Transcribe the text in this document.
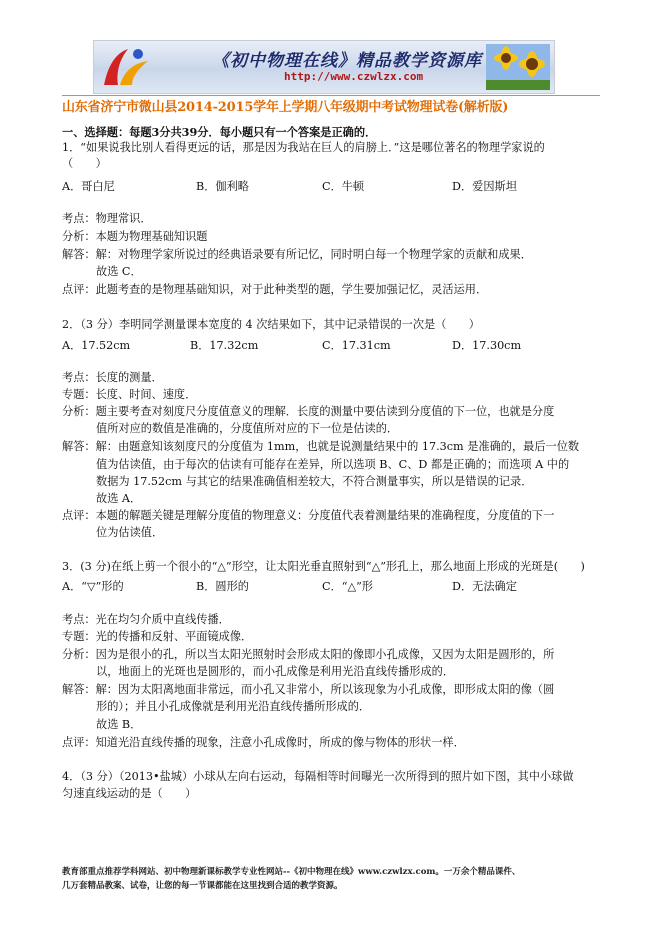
《初中物理在线》精品教学资源库
http://www.czwlzx.com
山东省济宁市微山县2014-2015学年上学期八年级期中考试物理试卷(解析版)
一、选择题：每题3分共39分．每小题只有一个答案是正确的．
1．“如果说我比别人看得更远的话，那是因为我站在巨人的肩膀上．”这是哪位著名的物理学家说的
（　　）
A．哥白尼	B．伽利略	C．牛顿	D．爱因斯坦
考点：物理常识．
分析：本题为物理基础知识题
解答：解：对物理学家所说过的经典语录要有所记忆，同时明白每一个物理学家的贡献和成果．
故选 C．
点评：此题考查的是物理基础知识，对于此种类型的题，学生要加强记忆，灵活运用．
2．（3 分）李明同学测量课本宽度的 4 次结果如下，其中记录错误的一次是（　　）
A．17.52cm	B．17.32cm	C．17.31cm	D．17.30cm
考点：长度的测量．
专题：长度、时间、速度．
分析：题主要考查对刻度尺分度值意义的理解．长度的测量中要估读到分度值的下一位，也就是分度
值所对应的数值是准确的，分度值所对应的下一位是估读的．
解答：解：由题意知该刻度尺的分度值为 1mm，也就是说测量结果中的 17.3cm 是准确的，最后一位数
值为估读值，由于每次的估读有可能存在差异，所以选项 B、C、D 都是正确的；而选项 A 中的
数据为 17.52cm 与其它的结果准确值相差较大，不符合测量事实，所以是错误的记录．
故选 A．
点评：本题的解题关键是理解分度值的物理意义：分度值代表着测量结果的准确程度，分度值的下一
位为估读值．
3．(3 分)在纸上剪一个很小的“△”形空，让太阳光垂直照射到“△”形孔上，那么地面上形成的光斑是(　　)
A．“▽”形的	B．圆形的	C．“△”形	D．无法确定
考点：光在均匀介质中直线传播．
专题：光的传播和反射、平面镜成像．
分析：因为是很小的孔，所以当太阳光照射时会形成太阳的像即小孔成像，又因为太阳是圆形的，所
以，地面上的光斑也是圆形的，而小孔成像是利用光沿直线传播形成的．
解答：解：因为太阳离地面非常远，而小孔又非常小，所以该现象为小孔成像，即形成太阳的像（圆
形的）；并且小孔成像就是利用光沿直线传播所形成的．
故选 B．
点评：知道光沿直线传播的现象，注意小孔成像时，所成的像与物体的形状一样．
4．（3 分）（2013•盐城）小球从左向右运动，每隔相等时间曝光一次所得到的照片如下图，其中小球做
匀速直线运动的是（　　）
教育部重点推荐学科网站、初中物理新课标教学专业性网站--《初中物理在线》www.czwlzx.com。一万余个精品课件、
几万套精品教案、试卷，让您的每一节课都能在这里找到合适的教学资源。
